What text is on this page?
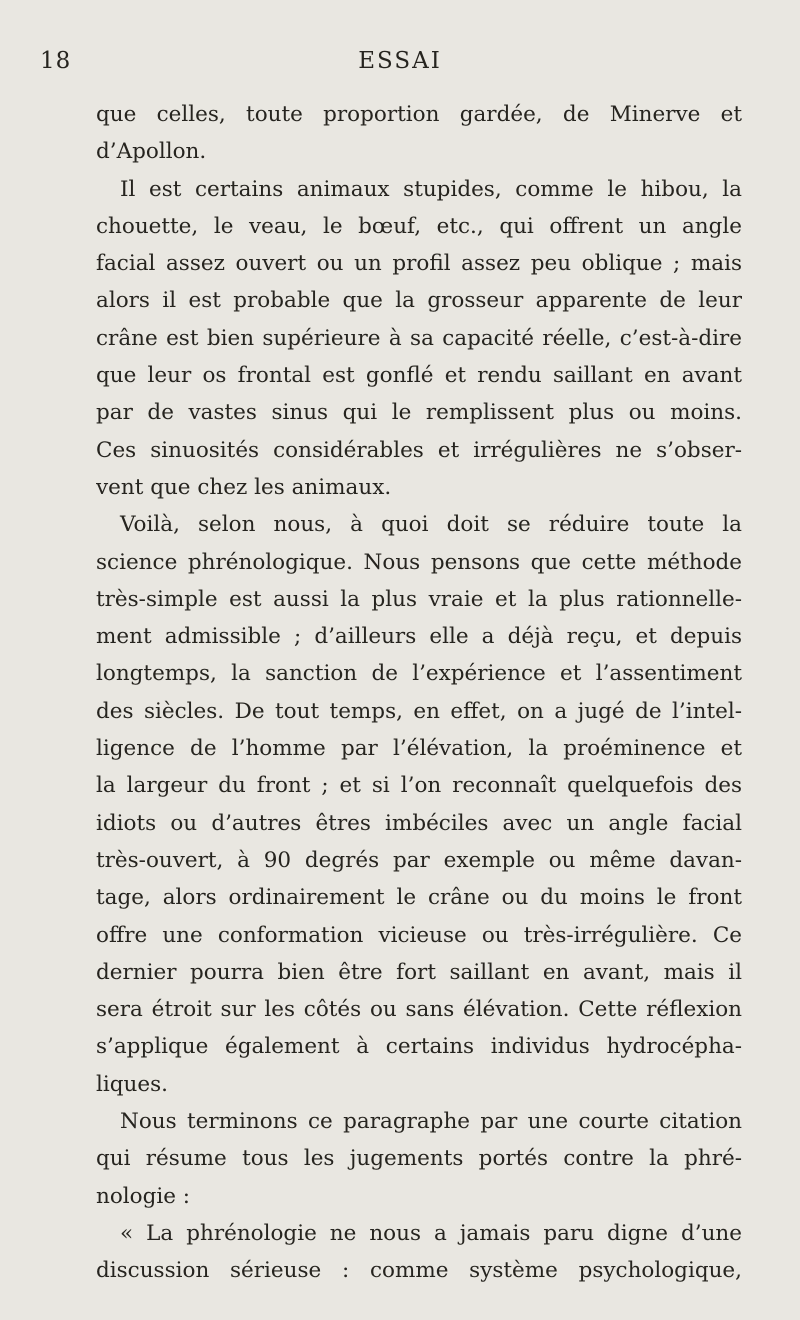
18	ESSAI
que celles, toute proportion gardée, de Minerve et
d’Apollon.
Il est certains animaux stupides, comme le hibou, la
chouette, le veau, le bœuf, etc., qui offrent un angle
facial assez ouvert ou un profil assez peu oblique ; mais
alors il est probable que la grosseur apparente de leur
crâne est bien supérieure à sa capacité réelle, c’est-à-dire
que leur os frontal est gonflé et rendu saillant en avant
par de vastes sinus qui le remplissent plus ou moins.
Ces sinuosités considérables et irrégulières ne s’obser-
vent que chez les animaux.
Voilà, selon nous, à quoi doit se réduire toute la
science phrénologique. Nous pensons que cette méthode
très-simple est aussi la plus vraie et la plus rationnelle-
ment admissible ; d’ailleurs elle a déjà reçu, et depuis
longtemps, la sanction de l’expérience et l’assentiment
des siècles. De tout temps, en effet, on a jugé de l’intel-
ligence de l’homme par l’élévation, la proéminence et
la largeur du front ; et si l’on reconnaît quelquefois des
idiots ou d’autres êtres imbéciles avec un angle facial
très-ouvert, à 90 degrés par exemple ou même davan-
tage, alors ordinairement le crâne ou du moins le front
offre une conformation vicieuse ou très-irrégulière. Ce
dernier pourra bien être fort saillant en avant, mais il
sera étroit sur les côtés ou sans élévation. Cette réflexion
s’applique également à certains individus hydrocépha-
liques.
Nous terminons ce paragraphe par une courte citation
qui résume tous les jugements portés contre la phré-
nologie :
« La phrénologie ne nous a jamais paru digne d’une
discussion sérieuse : comme système psychologique,
